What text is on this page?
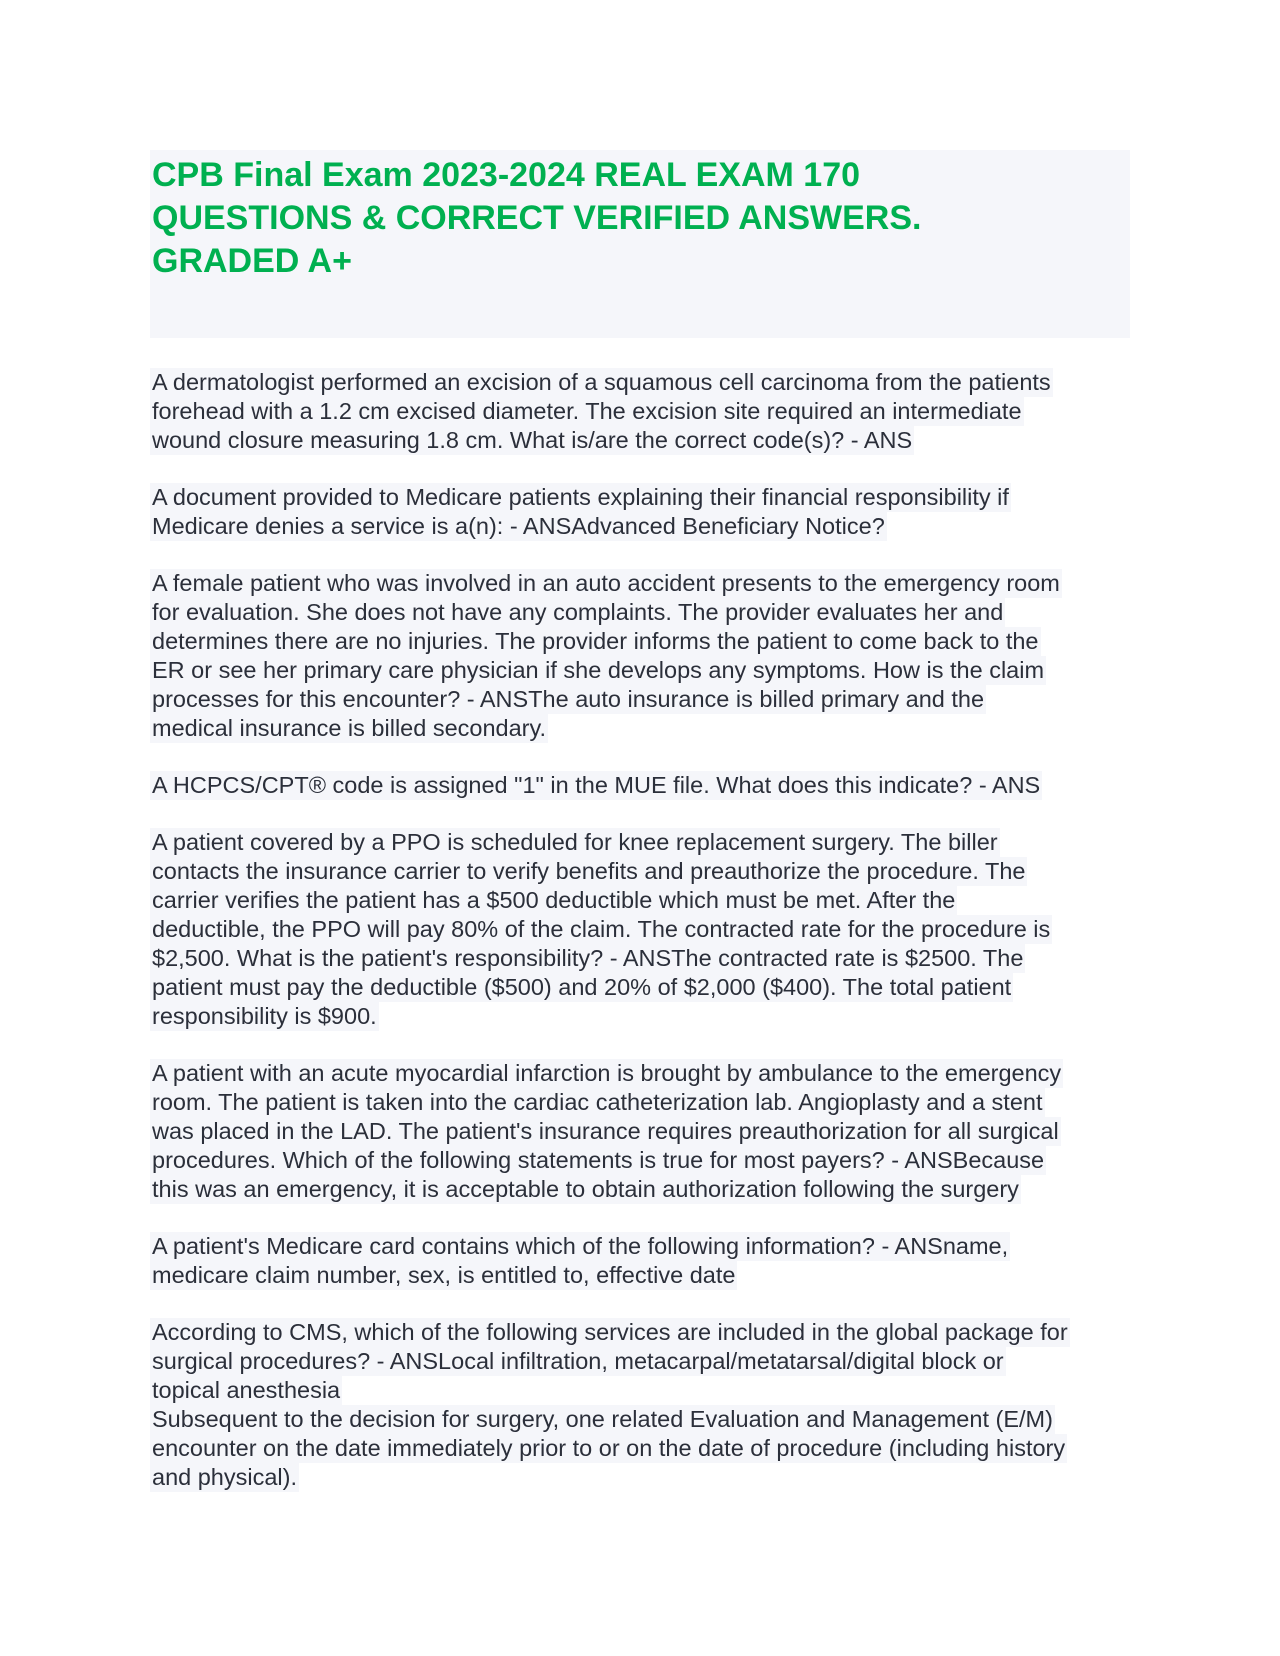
CPB Final Exam 2023-2024 REAL EXAM 170
QUESTIONS & CORRECT VERIFIED ANSWERS.
GRADED A+
A dermatologist performed an excision of a squamous cell carcinoma from the patients
forehead with a 1.2 cm excised diameter. The excision site required an intermediate
wound closure measuring 1.8 cm. What is/are the correct code(s)? - ANS
A document provided to Medicare patients explaining their financial responsibility if
Medicare denies a service is a(n): - ANSAdvanced Beneficiary Notice?
A female patient who was involved in an auto accident presents to the emergency room
for evaluation. She does not have any complaints. The provider evaluates her and
determines there are no injuries. The provider informs the patient to come back to the
ER or see her primary care physician if she develops any symptoms. How is the claim
processes for this encounter? - ANSThe auto insurance is billed primary and the
medical insurance is billed secondary.
A HCPCS/CPT® code is assigned "1" in the MUE file. What does this indicate? - ANS
A patient covered by a PPO is scheduled for knee replacement surgery. The biller
contacts the insurance carrier to verify benefits and preauthorize the procedure. The
carrier verifies the patient has a $500 deductible which must be met. After the
deductible, the PPO will pay 80% of the claim. The contracted rate for the procedure is
$2,500. What is the patient's responsibility? - ANSThe contracted rate is $2500. The
patient must pay the deductible ($500) and 20% of $2,000 ($400). The total patient
responsibility is $900.
A patient with an acute myocardial infarction is brought by ambulance to the emergency
room. The patient is taken into the cardiac catheterization lab. Angioplasty and a stent
was placed in the LAD. The patient's insurance requires preauthorization for all surgical
procedures. Which of the following statements is true for most payers? - ANSBecause
this was an emergency, it is acceptable to obtain authorization following the surgery
A patient's Medicare card contains which of the following information? - ANSname,
medicare claim number, sex, is entitled to, effective date
According to CMS, which of the following services are included in the global package for
surgical procedures? - ANSLocal infiltration, metacarpal/metatarsal/digital block or
topical anesthesia
Subsequent to the decision for surgery, one related Evaluation and Management (E/M)
encounter on the date immediately prior to or on the date of procedure (including history
and physical).
